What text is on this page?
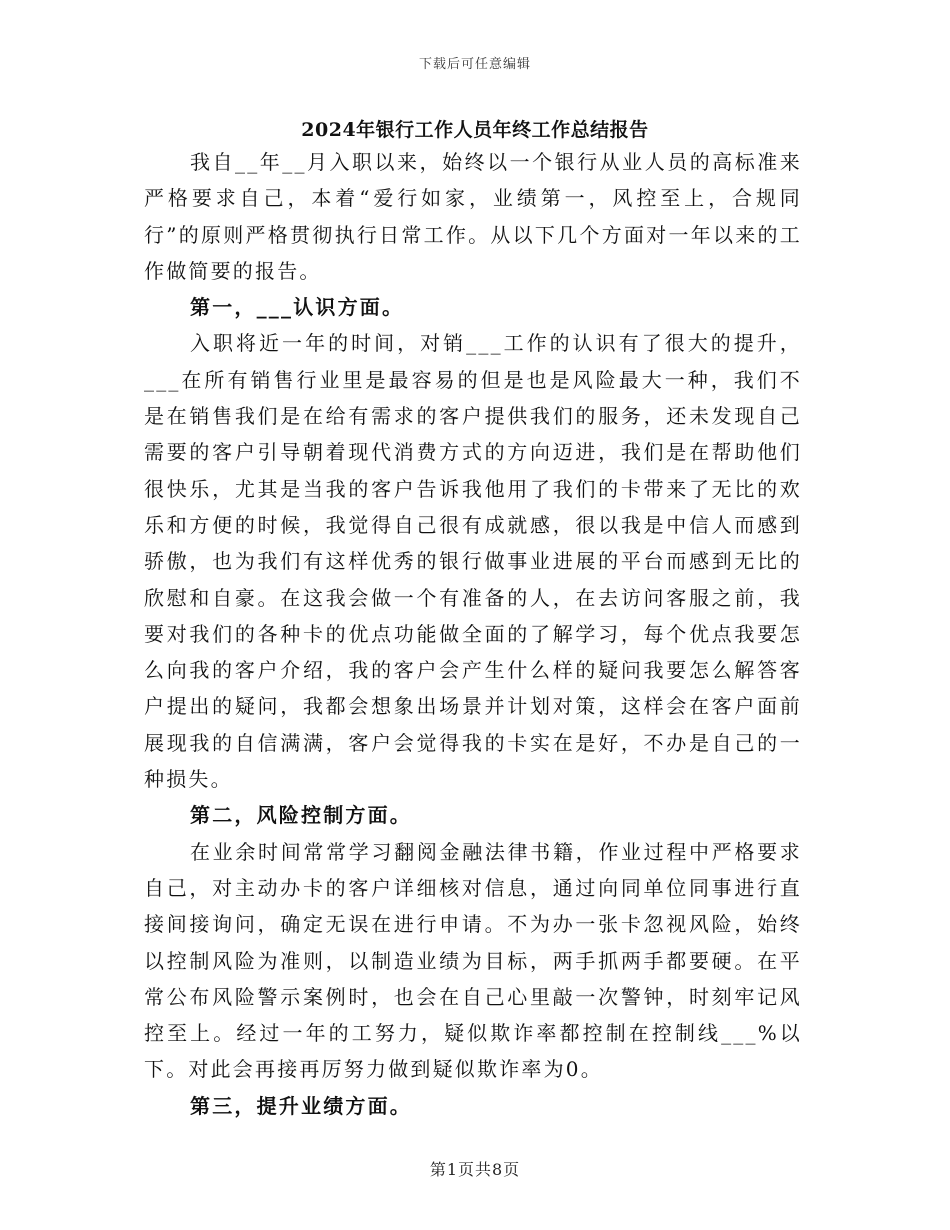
下载后可任意编辑
2024年银行工作人员年终工作总结报告

我自__年__月入职以来，始终以一个银行从业人员的高标准来严格要求自己，本着“爱行如家，业绩第一，风控至上，合规同行”的原则严格贯彻执行日常工作。从以下几个方面对一年以来的工作做简要的报告。

第一，___认识方面。

入职将近一年的时间，对销___工作的认识有了很大的提升，___在所有销售行业里是最容易的但是也是风险最大一种，我们不是在销售我们是在给有需求的客户提供我们的服务，还未发现自己需要的客户引导朝着现代消费方式的方向迈进，我们是在帮助他们很快乐，尤其是当我的客户告诉我他用了我们的卡带来了无比的欢乐和方便的时候，我觉得自己很有成就感，很以我是中信人而感到骄傲，也为我们有这样优秀的银行做事业进展的平台而感到无比的欣慰和自豪。在这我会做一个有准备的人，在去访问客服之前，我要对我们的各种卡的优点功能做全面的了解学习，每个优点我要怎么向我的客户介绍，我的客户会产生什么样的疑问我要怎么解答客户提出的疑问，我都会想象出场景并计划对策，这样会在客户面前展现我的自信满满，客户会觉得我的卡实在是好，不办是自己的一种损失。

第二，风险控制方面。

在业余时间常常学习翻阅金融法律书籍，作业过程中严格要求自己，对主动办卡的客户详细核对信息，通过向同单位同事进行直接间接询问，确定无误在进行申请。不为办一张卡忽视风险，始终以控制风险为准则，以制造业绩为目标，两手抓两手都要硬。在平常公布风险警示案例时，也会在自己心里敲一次警钟，时刻牢记风控至上。经过一年的工努力，疑似欺诈率都控制在控制线___%以下。对此会再接再厉努力做到疑似欺诈率为0。

第三，提升业绩方面。

第1页共8页
